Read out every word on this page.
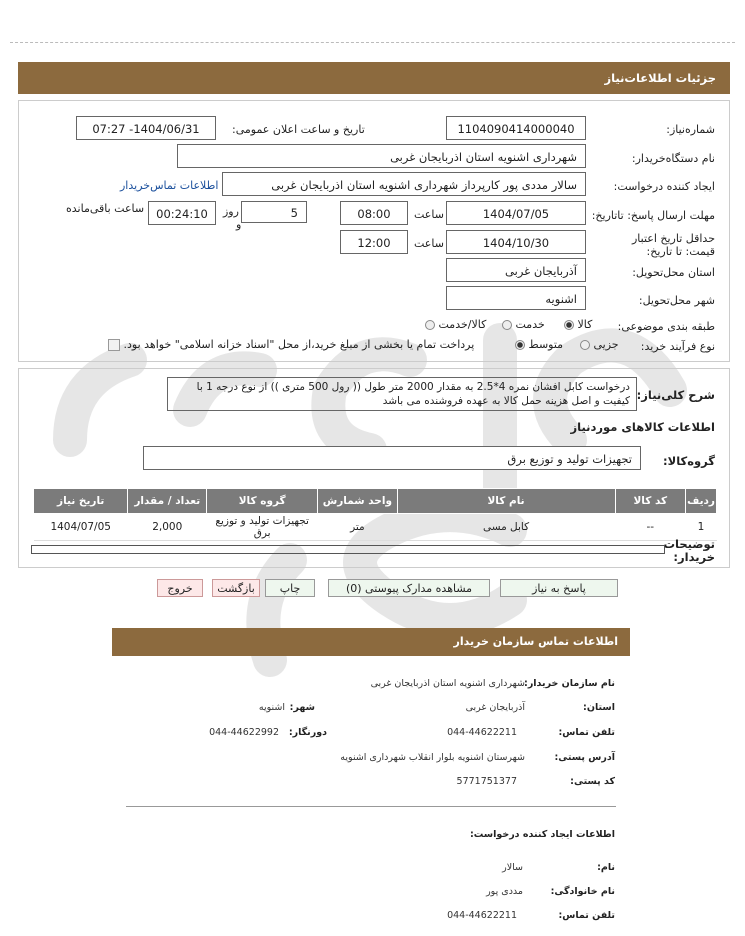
جزئیات اطلاعات‌نیاز
شماره‌نیاز:
1104090414000040
تاریخ و ساعت اعلان عمومی:
1404/06/31- 07:27
نام دستگاه‌خریدار:
شهرداری اشنویه استان اذربایجان غربی
ایجاد کننده درخواست:
سالار مددی پور کارپرداز شهرداری اشنویه استان اذربایجان غربی
اطلاعات تماس‌خریدار
مهلت ارسال پاسخ: تاتاریخ:
1404/07/05
ساعت
08:00
5
روز
و
00:24:10
ساعت باقی‌مانده
حداقل تاریخ اعتبار قیمت: تا تاریخ:
1404/10/30
ساعت
12:00
استان محل‌تحویل:
آذربایجان غربی
شهر محل‌تحویل:
اشنویه
طبقه بندی موضوعی:
کالا
خدمت
کالا/خدمت
نوع فرآیند خرید:
جزیی
متوسط
پرداخت تمام یا بخشی از مبلغ خرید،از محل "اسناد خزانه اسلامی" خواهد بود.
شرح کلی‌نیاز:
درخواست کابل افشان نمره 4*2.5 به مقدار 2000 متر طول (( رول 500 متری )) از نوع درجه 1 با کیفیت و اصل هزینه حمل کالا به عهده فروشنده می باشد
اطلاعات کالاهای موردنیاز
گروه‌کالا:
تجهیزات تولید و توزیع برق
ردیف	کد کالا	نام کالا	واحد شمارش	گروه کالا	تعداد / مقدار	تاریخ نیاز
1	--	کابل مسی	متر	تجهیزات تولید و توزیع برق	2,000	1404/07/05
توضیحات خریدار:
پاسخ به نیاز
مشاهده مدارک پیوستی (0)
چاپ
بازگشت
خروج
اطلاعات تماس سازمان خریدار
نام سازمان خریدار:
شهرداری اشنویه استان اذربایجان غربی
استان:
آذربایجان غربی
شهر:
اشنویه
تلفن تماس:
044-44622211
دورنگار:
044-44622992
آدرس پستی:
شهرستان اشنویه بلوار انقلاب شهرداری اشنویه
کد پستی:
5771751377
اطلاعات ایجاد کننده درخواست:
نام:
سالار
نام خانوادگی:
مددی پور
تلفن تماس:
044-44622211
